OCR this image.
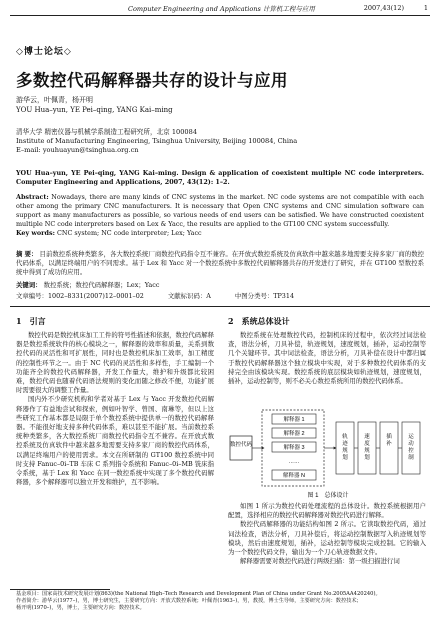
Computer Engineering and Applications 计算机工程与应用	2007,43(12)	1
◇博士论坛◇
多数控代码解释器共存的设计与应用
游华云，叶佩青，杨开明
YOU Hua–yun, YE Pei–qing, YANG Kai–ming
清华大学 精密仪器与机械学系制造工程研究所，北京 100084
Institute of Manufacturing Engineering, Tsinghua University, Beijing 100084, China
E–mail: youhuayun@tsinghua.org.cn
YOU Hua–yun, YE Pei–qing, YANG Kai–ming. Design & application of coexistent multiple NC code interpreters. Computer Engineering and Applications, 2007, 43(12): 1–2.
Abstract: Nowadays, there are many kinds of CNC systems in the market. NC code systems are not compatible with each other among the primary CNC manufacturers. It is necessary that Open CNC systems and CNC simulation software can support as many manufacturers as possible, so various needs of end users can be satisfied. We have constructed coexistent multiple NC code interpreters based on Lex & Yacc, the results are applied to the GT100 CNC system successfully.
Key words: CNC system; NC code interpreter; Lex; Yacc
摘 要： 目前数控系统种类繁多，各大数控系统厂商数控代码指令互不兼容。在开放式数控系统及仿真软件中越来越多地需要支持多家厂商的数控代码体系，以满足终端用户的不同需求。基于 Lex 和 Yacc 对一个数控系统中多数控代码解释器共存的开发进行了研究，并在 GT100 型数控系统中得到了成功的应用。
关键词： 数控系统；数控代码解释器；Lex；Yacc
文章编号：1002–8331(2007)12–0001–02	文献标识码：A	中图分类号：TP314
1　引言

数控代码是数控机床加工工件的符号性描述和依据，数控代码解释器是数控系统软件的核心模块之一，解释器的效率和质量，关系到数控代码的灵活性和可扩展性，同时也是数控机床加工效率，加工精度的控制性环节之一。由于 NC 代码的灵活性和多样性，手工编制一个功能齐全的数控代码解释器，开发工作量大，维护和升级都比较困难，数控代码也随着代码语法规则的变化而随之修改不便，功能扩展时需要很大的调整工作量。

国内外不少研究机构和学者对基于 Lex 与 Yacc 开发数控代码解释器作了有益地尝试和探索，例如叶智学、曾国、南琳等，但以上这些研究工作基本都是局限于单个数控系统中提供单一的数控代码解释器。不能很好地支持多种代码体系，难以甚至不能扩展。当前数控系统种类繁多，各大数控系统厂商数控代码指令互不兼容。在开放式数控系统及仿真软件中越来越多地需要支持多家厂商的数控代码体系，以满足终端用户的使用需求。本文在所研制的 GT100 数控系统中同时支持 Fanuc–0i–TB 车床 C 系列指令系统和 Fanuc–0i–MB 铣床指令系统，基于 Lex 和 Yacc 在同一数控系统中实现了多个数控代码解释器，多个解释器可以独立开发和维护，互不影响。

2　系统总体设计

数控系统在处理数控代码，控制机床的过程中，依次经过词法检查，语法分析，刀具补偿，轨迹规划，速度规划，插补，运动控制等几个关键环节。其中词法检查，语法分析，刀具补偿在设计中都归属于数控代码解释器这个独立模块中实现，对于多种数控代码体系的支持完全由该模块实现。数控系统的底层模块如轨迹规划，速度规划，插补，运动控制等，则不必关心数控系统所用的数控代码体系。

数控代码
解释器 1
解释器 2
解释器 3
……
解释器 N
轨迹规划
速度规划
插补
运动控制
图 1　总体设计

如图 1 所示为数控代码处理流程的总体设计。数控系统根据用户配置，选择相应的数控代码解释器对数控代码进行解释。

数控代码解释器的功能结构如图 2 所示。它读取数控代码，通过词法检查，语法分析，刀具补偿后，将运动控制数据写入轨迹规划等模块，然后由速度规划，插补，运动控制等模块完成控制。它的输入为一个数控代码文件，输出为一个刀心轨迹数据文件。

解释器需要对数控代码进行两级扫描：第一级扫描进行词

基金项目：国家高技术研究发展计划(863)(the National High–Tech Research and Development Plan of China under Grant No.2005AA420240)。
作者简介：游华云(1977–)，男，博士研究生，主要研究方向：开放式数控系统；叶佩青(1963–)，男，教授，博士生导师，主要研究方向：数控技术；
杨开明(1970–)，男，博士，主要研究方向：数控技术。
